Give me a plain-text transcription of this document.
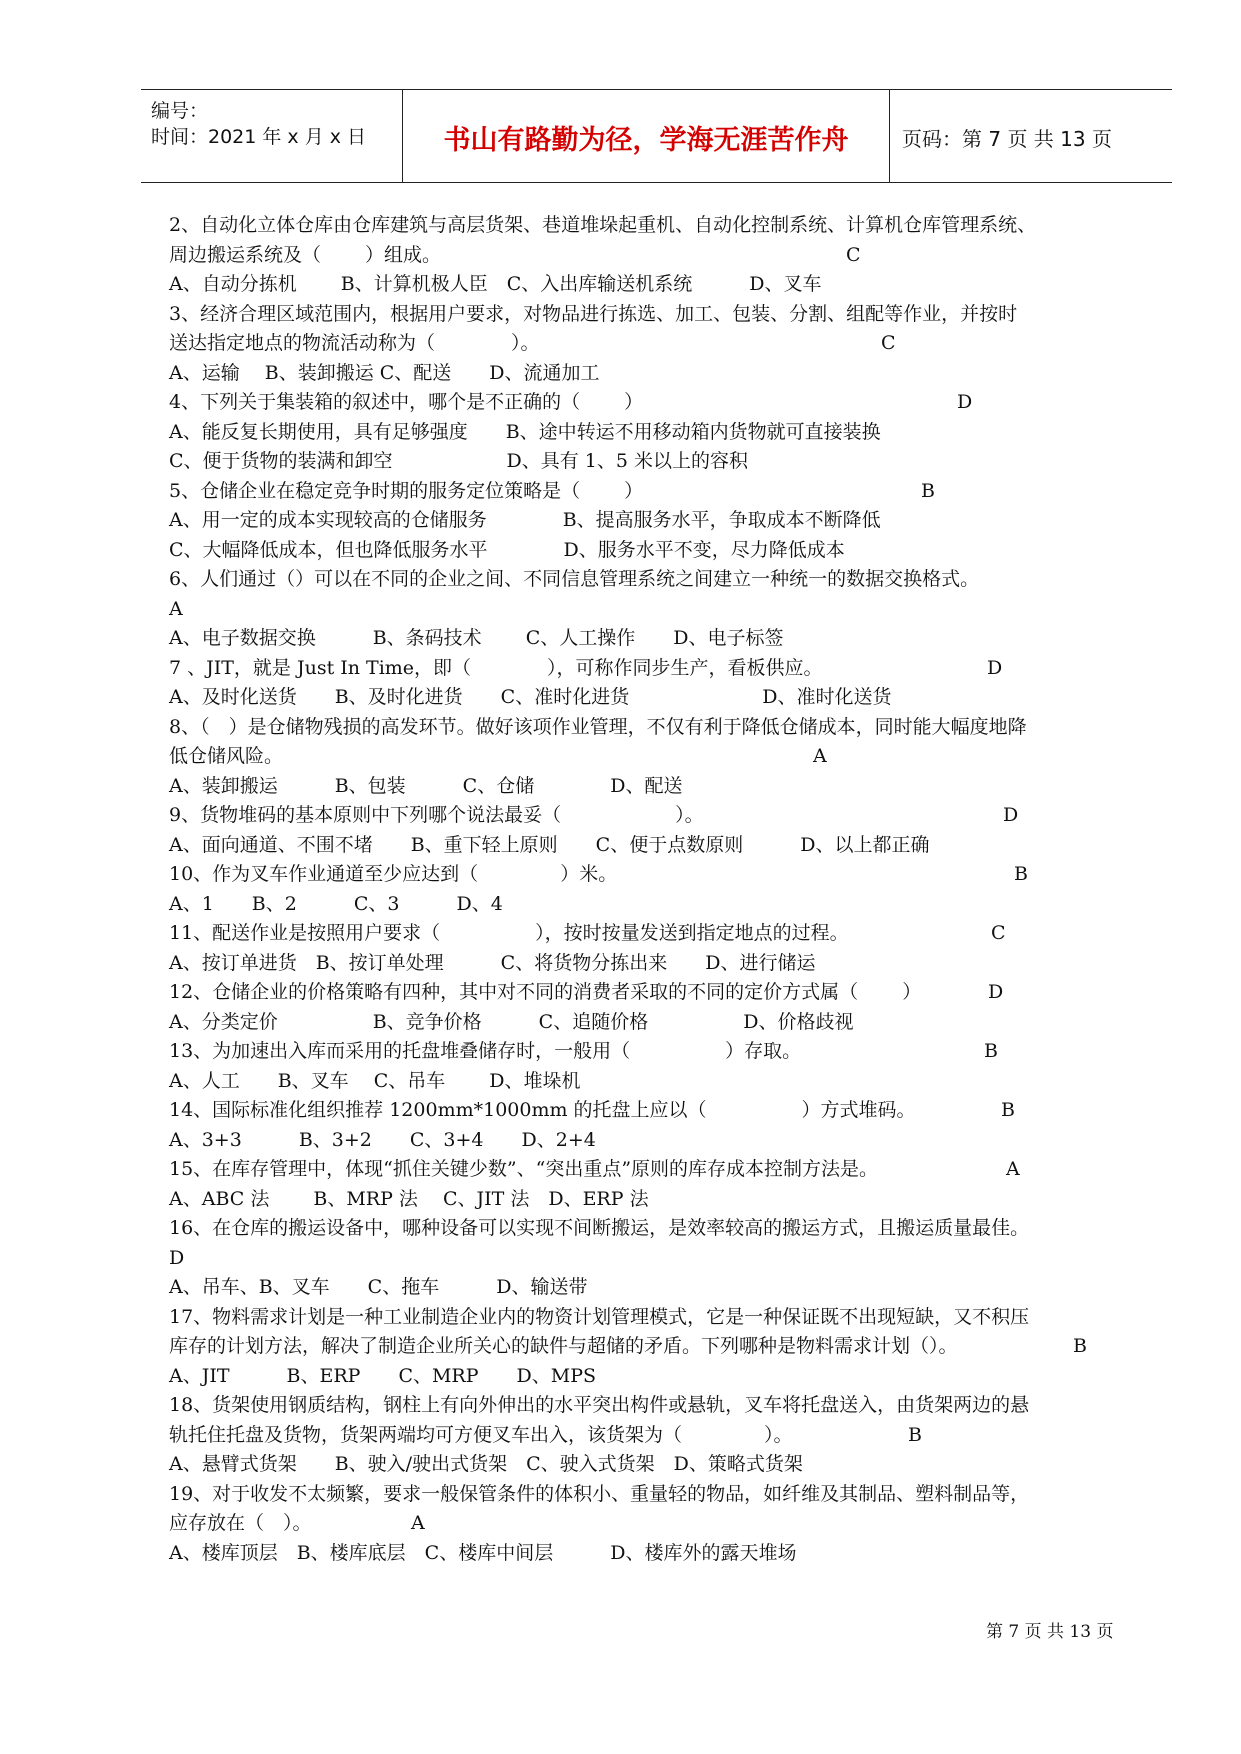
编号：
时间：2021 年 x 月 x 日	书山有路勤为径，学海无涯苦作舟	页码：第 7 页 共 13 页
2、自动化立体仓库由仓库建筑与高层货架、巷道堆垛起重机、自动化控制系统、计算机仓库管理系统、
周边搬运系统及（　　 ）组成。	C
A、自动分拣机　　 B、计算机极人臣　C、入出库输送机系统　　　D、叉车
3、经济合理区域范围内，根据用户要求，对物品进行拣选、加工、包装、分割、组配等作业，并按时
送达指定地点的物流活动称为（　　　　）。	C
A、运输　 B、装卸搬运 C、配送　　D、流通加工
4、下列关于集装箱的叙述中，哪个是不正确的（　　 ）	D
A、能反复长期使用，具有足够强度　　B、途中转运不用移动箱内货物就可直接装换
C、便于货物的装满和卸空　　　　　　D、具有 1、5 米以上的容积
5、仓储企业在稳定竞争时期的服务定位策略是（　　 ）	B
A、用一定的成本实现较高的仓储服务　　　　B、提高服务水平，争取成本不断降低
C、大幅降低成本，但也降低服务水平　　　　D、服务水平不变，尽力降低成本
6、人们通过（）可以在不同的企业之间、不同信息管理系统之间建立一种统一的数据交换格式。
A
A、电子数据交换　　　B、条码技术　　 C、人工操作　　D、电子标签
7 、JIT，就是 Just In Time，即（　　　　），可称作同步生产，看板供应。	D
A、及时化送货　　B、及时化进货　　C、准时化进货　　　　　　　D、准时化送货
8、（　）是仓储物残损的高发环节。做好该项作业管理，不仅有利于降低仓储成本，同时能大幅度地降
低仓储风险。	A
A、装卸搬运　　　B、包装　　　C、仓储　　　　D、配送
9、货物堆码的基本原则中下列哪个说法最妥（　　　　　　）。	D
A、面向通道、不围不堵　　B、重下轻上原则　　C、便于点数原则　　　D、以上都正确
10、作为叉车作业通道至少应达到（　　　　 ）米。	B
A、1　　B、2　　　C、3　　　D、4
11、配送作业是按照用户要求（　　　　　），按时按量发送到指定地点的过程。	C
A、按订单进货　B、按订单处理　　　C、将货物分拣出来　　D、进行储运
12、仓储企业的价格策略有四种，其中对不同的消费者采取的不同的定价方式属（　　 ）	D
A、分类定价　　　　　B、竞争价格　　　C、追随价格　　　　　D、价格歧视
13、为加速出入库而采用的托盘堆叠储存时，一般用（　　　　　）存取。	B
A、人工　　B、叉车　 C、吊车　　 D、堆垛机
14、国际标准化组织推荐 1200mm*1000mm 的托盘上应以（　　　　　）方式堆码。	B
A、3+3　　　B、3+2　　C、3+4　　D、2+4
15、在库存管理中，体现“抓住关键少数”、“突出重点”原则的库存成本控制方法是。	A
A、ABC 法　　 B、MRP 法　 C、JIT 法　D、ERP 法
16、在仓库的搬运设备中，哪种设备可以实现不间断搬运，是效率较高的搬运方式，且搬运质量最佳。
D
A、吊车、B、叉车　　C、拖车　　　D、输送带
17、物料需求计划是一种工业制造企业内的物资计划管理模式，它是一种保证既不出现短缺，又不积压
库存的计划方法，解决了制造企业所关心的缺件与超储的矛盾。下列哪种是物料需求计划（）。	B
A、JIT　　　B、ERP　　C、MRP　　D、MPS
18、货架使用钢质结构，钢柱上有向外伸出的水平突出构件或悬轨，叉车将托盘送入，由货架两边的悬
轨托住托盘及货物，货架两端均可方便叉车出入，该货架为（　　　　 ）。	B
A、悬臂式货架　　B、驶入/驶出式货架　C、驶入式货架　D、策略式货架
19、对于收发不太频繁，要求一般保管条件的体积小、重量轻的物品，如纤维及其制品、塑料制品等，
应存放在（　）。	A
A、楼库顶层　B、楼库底层　C、楼库中间层　　　D、楼库外的露天堆场
第 7 页 共 13 页
